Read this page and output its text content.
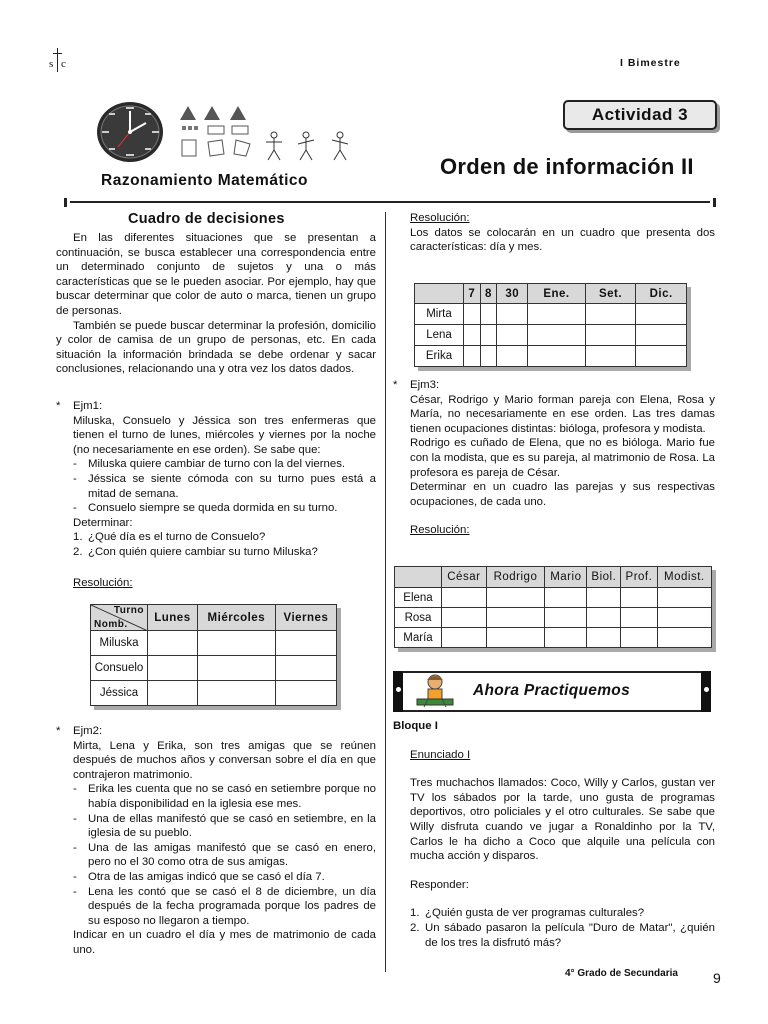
s c	I Bimestre
Actividad 3
Orden de información II
Razonamiento Matemático
Cuadro de decisiones

En las diferentes situaciones que se presentan a continuación, se busca establecer una correspondencia entre un determinado conjunto de sujetos y una o más características que se le pueden asociar. Por ejemplo, hay que buscar determinar que color de auto o marca, tienen un grupo de personas.

También se puede buscar determinar la profesión, domicilio y color de camisa de un grupo de personas, etc. En cada situación la información brindada se debe ordenar y sacar conclusiones, relacionando una y otra vez los datos dados.

* Ejm1:

Miluska, Consuelo y Jéssica son tres enfermeras que tienen el turno de lunes, miércoles y viernes por la noche (no necesariamente en ese orden). Se sabe que:

- Miluska quiere cambiar de turno con la del viernes.

- Jéssica se siente cómoda con su turno pues está a mitad de semana.

- Consuelo siempre se queda dormida en su turno.

Determinar:

1. ¿Qué día es el turno de Consuelo?

2. ¿Con quién quiere cambiar su turno Miluska?

Resolución:

Turno
Nomb.	Lunes	Miércoles	Viernes
Miluska			
Consuelo			
Jéssica			
* Ejm2:

Mirta, Lena y Erika, son tres amigas que se reúnen después de muchos años y conversan sobre el día en que contrajeron matrimonio.

- Erika les cuenta que no se casó en setiembre porque no había disponibilidad en la iglesia ese mes.

- Una de ellas manifestó que se casó en setiembre, en la iglesia de su pueblo.

- Una de las amigas manifestó que se casó en enero, pero no el 30 como otra de sus amigas.

- Otra de las amigas indicó que se casó el día 7.

- Lena les contó que se casó el 8 de diciembre, un día después de la fecha programada porque los padres de su esposo no llegaron a tiempo.

Indicar en un cuadro el día y mes de matrimonio de cada uno.

Resolución:

Los datos se colocarán en un cuadro que presenta dos características: día y mes.

	7	8	30	Ene.	Set.	Dic.
Mirta						
Lena						
Erika						
* Ejm3:

César, Rodrigo y Mario forman pareja con Elena, Rosa y María, no necesariamente en ese orden. Las tres damas tienen ocupaciones distintas: bióloga, profesora y modista.

Rodrigo es cuñado de Elena, que no es bióloga. Mario fue con la modista, que es su pareja, al matrimonio de Rosa. La profesora es pareja de César.

Determinar en un cuadro las parejas y sus respectivas ocupaciones, de cada uno.

Resolución:

	César	Rodrigo	Mario	Biol.	Prof.	Modist.
Elena						
Rosa						
María						
Ahora Practiquemos

Bloque I

Enunciado I

Tres muchachos llamados: Coco, Willy y Carlos, gustan ver TV los sábados por la tarde, uno gusta de programas deportivos, otro policiales y el otro culturales. Se sabe que Willy disfruta cuando ve jugar a Ronaldinho por la TV, Carlos le ha dicho a Coco que alquile una película con mucha acción y disparos.

Responder:

1. ¿Quién gusta de ver programas culturales?

2. Un sábado pasaron la película "Duro de Matar", ¿quién de los tres la disfrutó más?

4° Grado de Secundaria	9
